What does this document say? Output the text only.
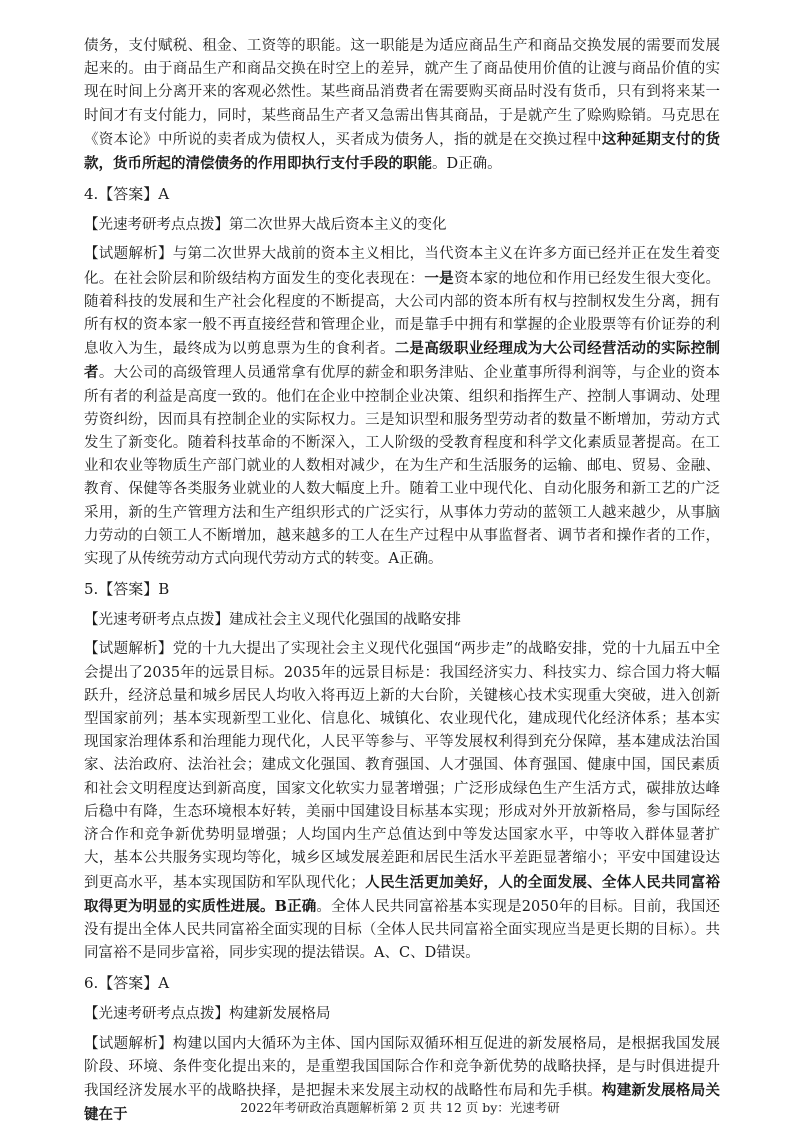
债务，支付赋税、租金、工资等的职能。这一职能是为适应商品生产和商品交换发展的需要而发展起来的。由于商品生产和商品交换在时空上的差异，就产生了商品使用价值的让渡与商品价值的实现在时间上分离开来的客观必然性。某些商品消费者在需要购买商品时没有货币，只有到将来某一时间才有支付能力，同时，某些商品生产者又急需出售其商品，于是就产生了赊购赊销。马克思在《资本论》中所说的卖者成为债权人，买者成为债务人，指的就是在交换过程中这种延期支付的货款，货币所起的清偿债务的作用即执行支付手段的职能。D正确。

4.【答案】A

【光速考研考点点拨】第二次世界大战后资本主义的变化

【试题解析】与第二次世界大战前的资本主义相比，当代资本主义在许多方面已经并正在发生着变化。在社会阶层和阶级结构方面发生的变化表现在：一是资本家的地位和作用已经发生很大变化。随着科技的发展和生产社会化程度的不断提高，大公司内部的资本所有权与控制权发生分离，拥有所有权的资本家一般不再直接经营和管理企业，而是靠手中拥有和掌握的企业股票等有价证券的利息收入为生，最终成为以剪息票为生的食利者。二是高级职业经理成为大公司经营活动的实际控制者。大公司的高级管理人员通常拿有优厚的薪金和职务津贴、企业董事所得利润等，与企业的资本所有者的利益是高度一致的。他们在企业中控制企业决策、组织和指挥生产、控制人事调动、处理劳资纠纷，因而具有控制企业的实际权力。三是知识型和服务型劳动者的数量不断增加，劳动方式发生了新变化。随着科技革命的不断深入，工人阶级的受教育程度和科学文化素质显著提高。在工业和农业等物质生产部门就业的人数相对减少，在为生产和生活服务的运输、邮电、贸易、金融、教育、保健等各类服务业就业的人数大幅度上升。随着工业中现代化、自动化服务和新工艺的广泛采用，新的生产管理方法和生产组织形式的广泛实行，从事体力劳动的蓝领工人越来越少，从事脑力劳动的白领工人不断增加，越来越多的工人在生产过程中从事监督者、调节者和操作者的工作，实现了从传统劳动方式向现代劳动方式的转变。A正确。

5.【答案】B

【光速考研考点点拨】建成社会主义现代化强国的战略安排

【试题解析】党的十九大提出了实现社会主义现代化强国“两步走”的战略安排，党的十九届五中全会提出了2035年的远景目标。2035年的远景目标是：我国经济实力、科技实力、综合国力将大幅跃升，经济总量和城乡居民人均收入将再迈上新的大台阶，关键核心技术实现重大突破，进入创新型国家前列；基本实现新型工业化、信息化、城镇化、农业现代化，建成现代化经济体系；基本实现国家治理体系和治理能力现代化，人民平等参与、平等发展权利得到充分保障，基本建成法治国家、法治政府、法治社会；建成文化强国、教育强国、人才强国、体育强国、健康中国，国民素质和社会文明程度达到新高度，国家文化软实力显著增强；广泛形成绿色生产生活方式，碳排放达峰后稳中有降，生态环境根本好转，美丽中国建设目标基本实现；形成对外开放新格局，参与国际经济合作和竞争新优势明显增强；人均国内生产总值达到中等发达国家水平，中等收入群体显著扩大，基本公共服务实现均等化，城乡区域发展差距和居民生活水平差距显著缩小；平安中国建设达到更高水平，基本实现国防和军队现代化；人民生活更加美好，人的全面发展、全体人民共同富裕取得更为明显的实质性进展。B正确。全体人民共同富裕基本实现是2050年的目标。目前，我国还没有提出全体人民共同富裕全面实现的目标（全体人民共同富裕全面实现应当是更长期的目标）。共同富裕不是同步富裕，同步实现的提法错误。A、C、D错误。

6.【答案】A

【光速考研考点点拨】构建新发展格局

【试题解析】构建以国内大循环为主体、国内国际双循环相互促进的新发展格局，是根据我国发展阶段、环境、条件变化提出来的，是重塑我国国际合作和竞争新优势的战略抉择，是与时俱进提升我国经济发展水平的战略抉择，是把握未来发展主动权的战略性布局和先手棋。构建新发展格局关键在于	2022年考研政治真题解析第 2 页 共 12 页 by：光速考研
